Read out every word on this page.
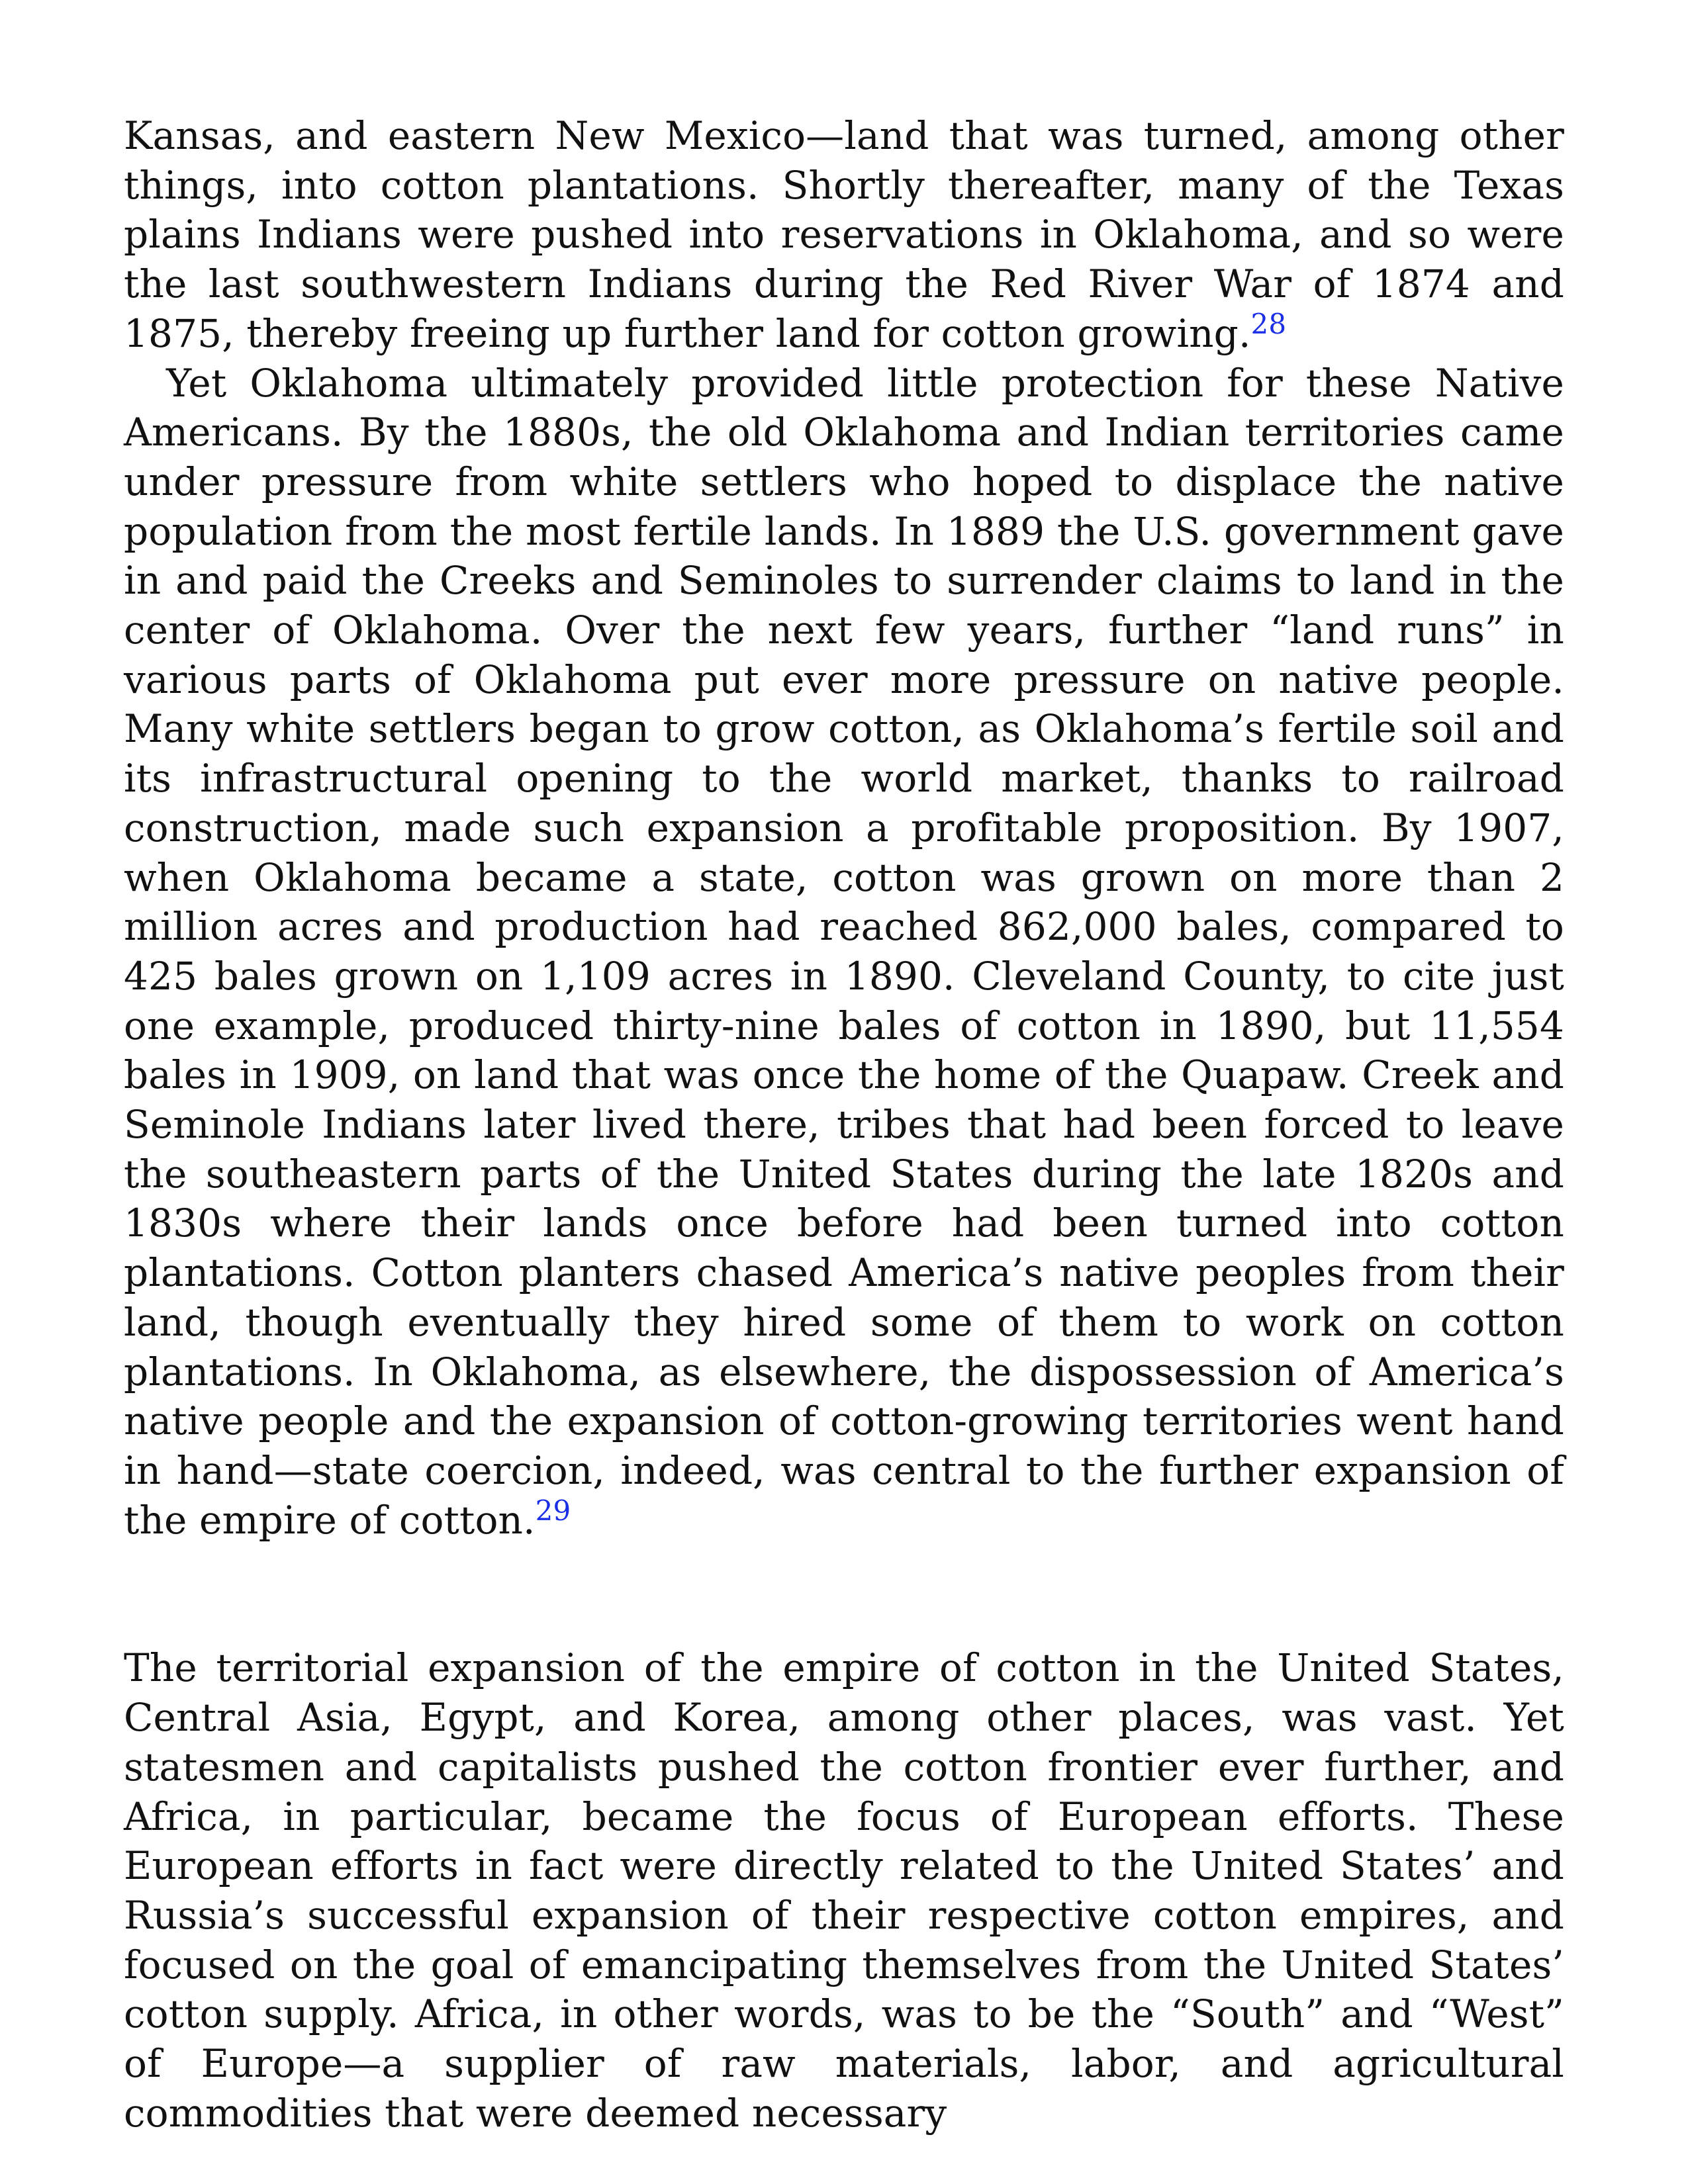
Kansas, and eastern New Mexico—land that was turned, among other things, into cotton plantations. Shortly thereafter, many of the Texas plains Indians were pushed into reservations in Oklahoma, and so were the last southwestern Indians during the Red River War of 1874 and 1875, thereby freeing up further land for cotton growing.$^{28}$

Yet Oklahoma ultimately provided little protection for these Native Americans. By the 1880s, the old Oklahoma and Indian territories came under pressure from white settlers who hoped to displace the native population from the most fertile lands. In 1889 the U.S. government gave in and paid the Creeks and Seminoles to surrender claims to land in the center of Oklahoma. Over the next few years, further “land runs” in various parts of Oklahoma put ever more pressure on native people. Many white settlers began to grow cotton, as Oklahoma’s fertile soil and its infrastructural opening to the world market, thanks to railroad construction, made such expansion a profitable proposition. By 1907, when Oklahoma became a state, cotton was grown on more than 2 million acres and production had reached 862,000 bales, compared to 425 bales grown on 1,109 acres in 1890. Cleveland County, to cite just one example, produced thirty-nine bales of cotton in 1890, but 11,554 bales in 1909, on land that was once the home of the Quapaw. Creek and Seminole Indians later lived there, tribes that had been forced to leave the southeastern parts of the United States during the late 1820s and 1830s where their lands once before had been turned into cotton plantations. Cotton planters chased America’s native peoples from their land, though eventually they hired some of them to work on cotton plantations. In Oklahoma, as elsewhere, the dispossession of America’s native people and the expansion of cotton-growing territories went hand in hand—state coercion, indeed, was central to the further expansion of the empire of cotton.$^{29}$

The territorial expansion of the empire of cotton in the United States, Central Asia, Egypt, and Korea, among other places, was vast. Yet statesmen and capitalists pushed the cotton frontier ever further, and Africa, in particular, became the focus of European efforts. These European efforts in fact were directly related to the United States’ and Russia’s successful expansion of their respective cotton empires, and focused on the goal of emancipating themselves from the United States’ cotton supply. Africa, in other words, was to be the “South” and “West” of Europe—a supplier of raw materials, labor, and agricultural commodities that were deemed necessary
